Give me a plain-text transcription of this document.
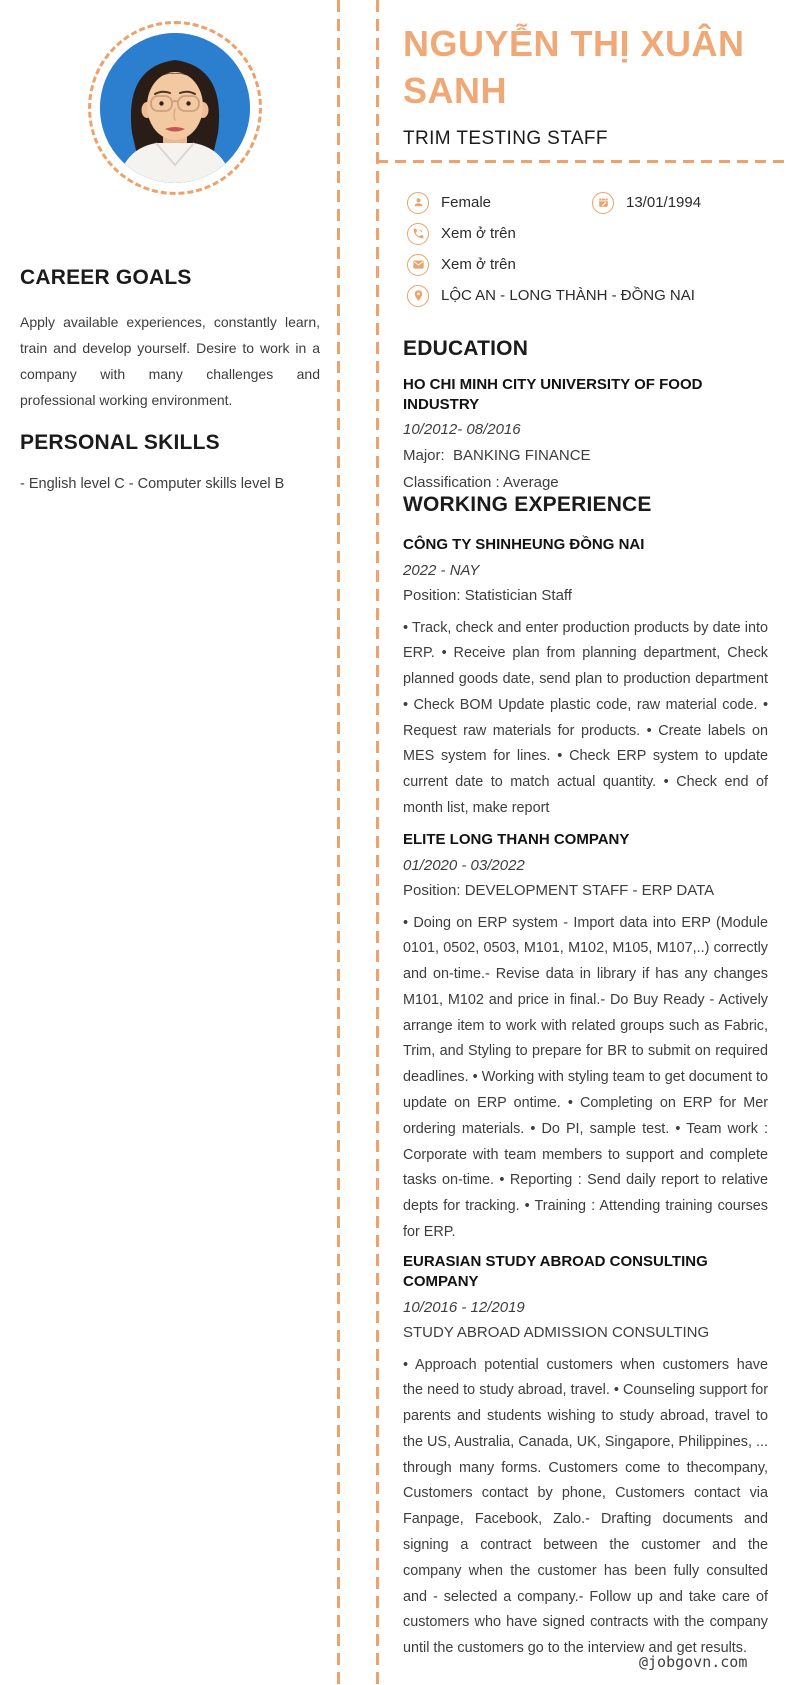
CAREER GOALS

Apply available experiences, constantly learn, train and develop yourself. Desire to work in a company with many challenges and professional working environment.

PERSONAL SKILLS

- English level C - Computer skills level B

NGUYỄN THỊ XUÂN SANH
TRIM TESTING STAFF
Female	13/01/1994
Xem ở trên
Xem ở trên
LỘC AN - LONG THÀNH - ĐỒNG NAI
EDUCATION

HO CHI MINH CITY UNIVERSITY OF FOOD INDUSTRY

10/2012- 08/2016

Major:  BANKING FINANCE

Classification : Average

WORKING EXPERIENCE

CÔNG TY SHINHEUNG ĐỒNG NAI

2022 - NAY

Position: Statistician Staff

• Track, check and enter production products by date into ERP. • Receive plan from planning department, Check planned goods date, send plan to production department • Check BOM Update plastic code, raw material code. • Request raw materials for products. • Create labels on MES system for lines. • Check ERP system to update current date to match actual quantity. • Check end of month list, make report

ELITE LONG THANH COMPANY

01/2020 - 03/2022

Position: DEVELOPMENT STAFF - ERP DATA

• Doing on ERP system - Import data into ERP (Module 0101, 0502, 0503, M101, M102, M105, M107,..) correctly and on-time.- Revise data in library if has any changes M101, M102 and price in final.- Do Buy Ready - Actively arrange item to work with related groups such as Fabric, Trim, and Styling to prepare for BR to submit on required deadlines. • Working with styling team to get document to update on ERP ontime. • Completing on ERP for Mer ordering materials. • Do PI, sample test. • Team work : Corporate with team members to support and complete tasks on-time. • Reporting : Send daily report to relative depts for tracking. • Training : Attending training courses for ERP.

EURASIAN STUDY ABROAD CONSULTING COMPANY

10/2016 - 12/2019

STUDY ABROAD ADMISSION CONSULTING

• Approach potential customers when customers have the need to study abroad, travel. • Counseling support for parents and students wishing to study abroad, travel to the US, Australia, Canada, UK, Singapore, Philippines, ... through many forms. Customers come to thecompany, Customers contact by phone, Customers contact via Fanpage, Facebook, Zalo.- Drafting documents and signing a contract between the customer and the company when the customer has been fully consulted and - selected a company.- Follow up and take care of customers who have signed contracts with the company until the customers go to the interview and get results.

@jobgovn.com
